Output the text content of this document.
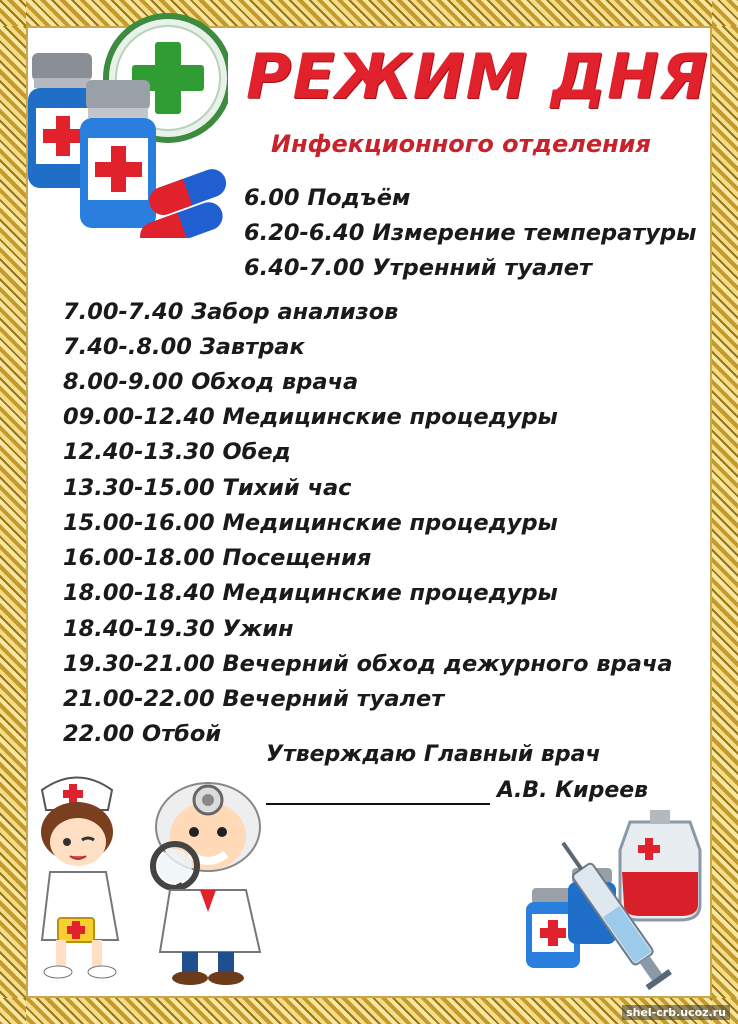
РЕЖИМ ДНЯ
Инфекционного отделения
6.00 Подъём
6.20-6.40 Измерение температуры
6.40-7.00 Утренний туалет
7.00-7.40 Забор анализов
7.40-.8.00 Завтрак
8.00-9.00 Обход врача
09.00-12.40 Медицинские процедуры
12.40-13.30 Обед
13.30-15.00 Тихий час
15.00-16.00 Медицинские процедуры
16.00-18.00 Посещения
18.00-18.40 Медицинские процедуры
18.40-19.30 Ужин
19.30-21.00 Вечерний обход дежурного врача
21.00-22.00 Вечерний туалет
22.00 Отбой
Утверждаю Главный врач
А.В. Киреев
shel-crb.ucoz.ru
